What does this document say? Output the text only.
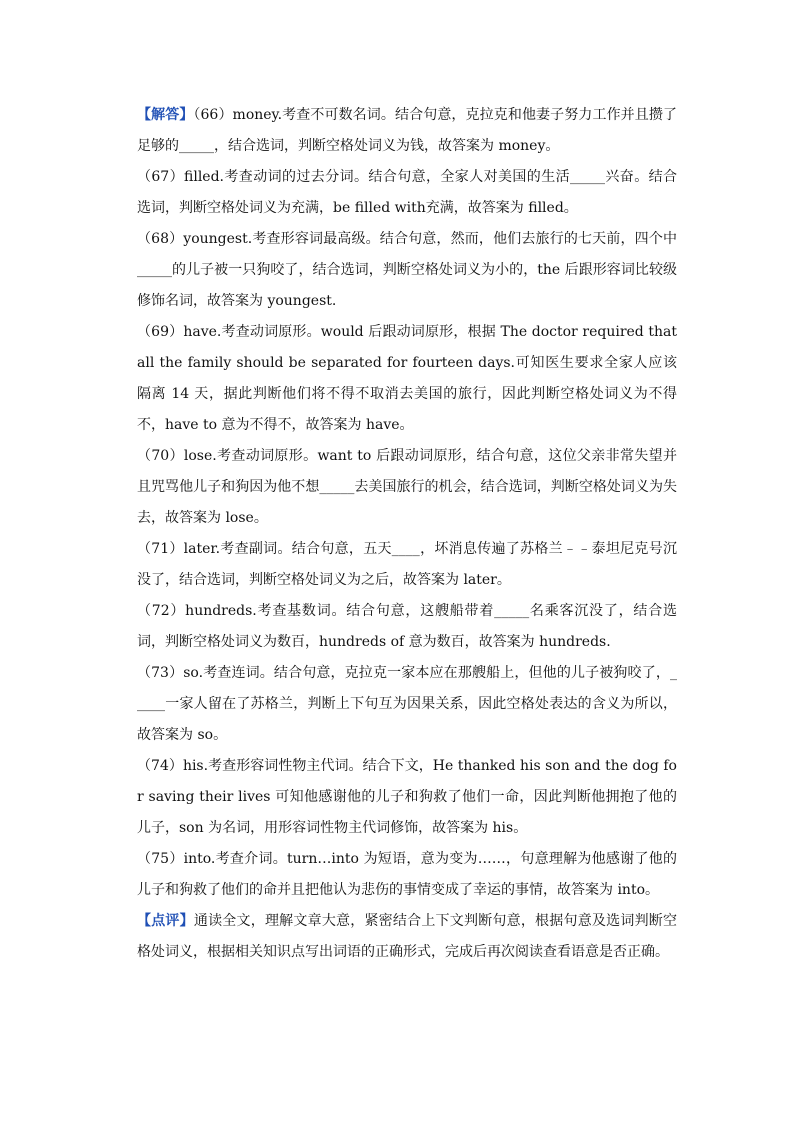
【解答】（66）money.考查不可数名词。结合句意，克拉克和他妻子努力工作并且攒了足够的_____，结合选词，判断空格处词义为钱，故答案为 money。

（67）filled.考查动词的过去分词。结合句意，全家人对美国的生活_____兴奋。结合选词，判断空格处词义为充满，be filled with充满，故答案为 filled。

（68）youngest.考查形容词最高级。结合句意，然而，他们去旅行的七天前，四个中_____的儿子被一只狗咬了，结合选词，判断空格处词义为小的，the 后跟形容词比较级修饰名词，故答案为 youngest.

（69）have.考查动词原形。would 后跟动词原形，根据 The doctor required that all the family should be separated for fourteen days.可知医生要求全家人应该隔离 14 天，据此判断他们将不得不取消去美国的旅行，因此判断空格处词义为不得不，have to 意为不得不，故答案为 have。

（70）lose.考查动词原形。want to 后跟动词原形，结合句意，这位父亲非常失望并且咒骂他儿子和狗因为他不想_____去美国旅行的机会，结合选词，判断空格处词义为失去，故答案为 lose。

（71）later.考查副词。结合句意，五天____，坏消息传遍了苏格兰﹣﹣泰坦尼克号沉没了，结合选词，判断空格处词义为之后，故答案为 later。

（72）hundreds.考查基数词。结合句意，这艘船带着_____名乘客沉没了，结合选词，判断空格处词义为数百，hundreds of 意为数百，故答案为 hundreds.

（73）so.考查连词。结合句意，克拉克一家本应在那艘船上，但他的儿子被狗咬了，_____一家人留在了苏格兰，判断上下句互为因果关系，因此空格处表达的含义为所以，故答案为 so。

（74）his.考查形容词性物主代词。结合下文，He thanked his son and the dog for saving their lives 可知他感谢他的儿子和狗救了他们一命，因此判断他拥抱了他的儿子，son 为名词，用形容词性物主代词修饰，故答案为 his。

（75）into.考查介词。turn…into 为短语，意为变为……，句意理解为他感谢了他的儿子和狗救了他们的命并且把他认为悲伤的事情变成了幸运的事情，故答案为 into。

【点评】通读全文，理解文章大意，紧密结合上下文判断句意，根据句意及选词判断空格处词义，根据相关知识点写出词语的正确形式，完成后再次阅读查看语意是否正确。
